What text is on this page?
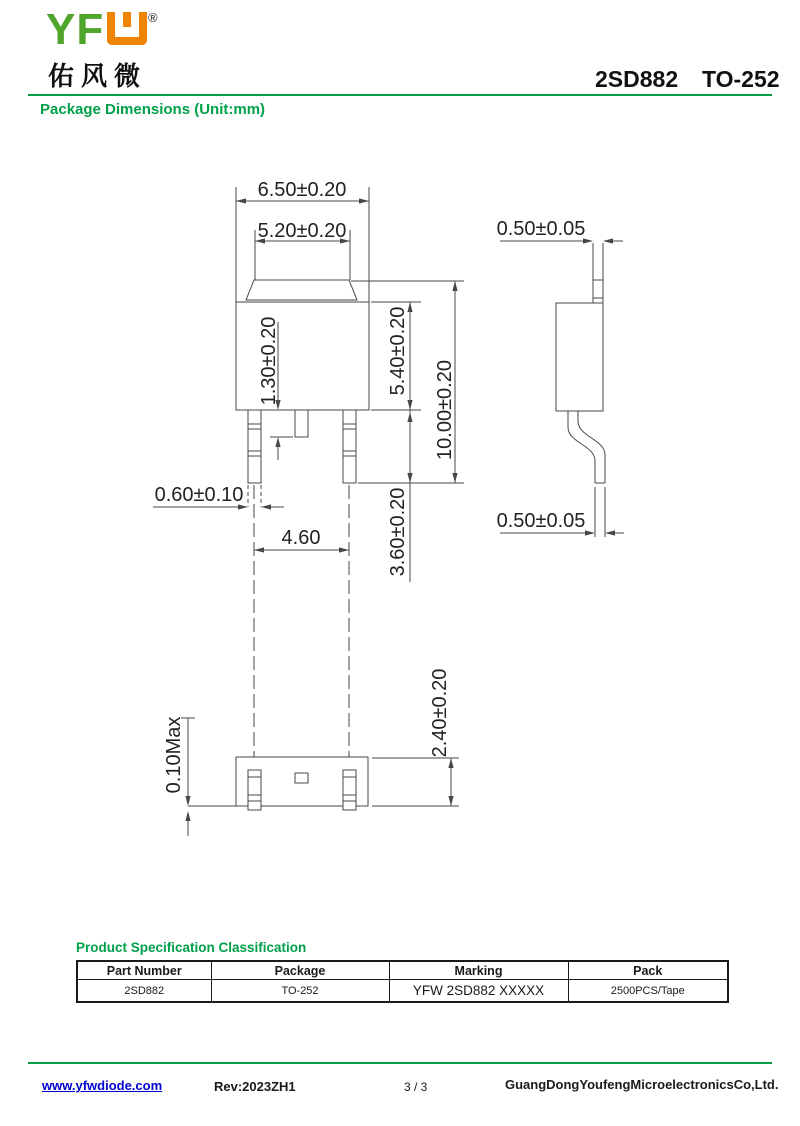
YF	®
佑风微	2SD882 TO-252
Package Dimensions (Unit:mm)
6.50±0.20
5.20±0.20	0.50±0.05
1.30±0.20	5.40±0.20
10.00±0.20
0.60±0.10
4.60	3.60±0.20	0.50±0.05
2.40±0.20
0.10Max
Product Specification Classification
Part Number	Package	Marking	Pack
2SD882	TO-252	YFW 2SD882 XXXXX	2500PCS/Tape
www.yfwdiode.com	Rev:2023ZH1	3 / 3	GuangDongYoufengMicroelectronicsCo,Ltd.
